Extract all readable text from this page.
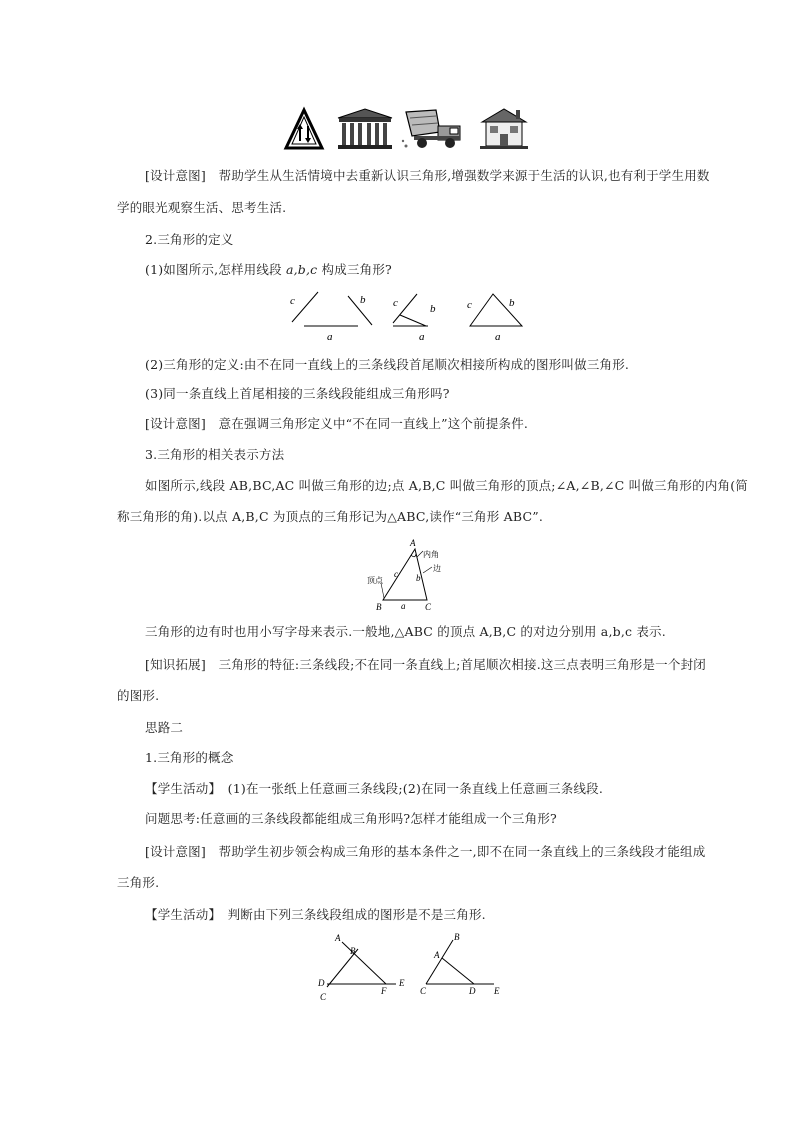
[设计意图]　帮助学生从生活情境中去重新认识三角形,增强数学来源于生活的认识,也有利于学生用数
学的眼光观察生活、思考生活.
2.三角形的定义
(1)如图所示,怎样用线段 a,b,c 构成三角形?
c	b
a
c	b
a
c	b
a
(2)三角形的定义:由不在同一直线上的三条线段首尾顺次相接所构成的图形叫做三角形.
(3)同一条直线上首尾相接的三条线段能组成三角形吗?
[设计意图]　意在强调三角形定义中“不在同一直线上”这个前提条件.
3.三角形的相关表示方法
如图所示,线段 AB,BC,AC 叫做三角形的边;点 A,B,C 叫做三角形的顶点;∠A,∠B,∠C 叫做三角形的内角(简
称三角形的角).以点 A,B,C 为顶点的三角形记为△ABC,读作“三角形 ABC”.
A
B	C
a
b
c
内角
边
顶点
三角形的边有时也用小写字母来表示.一般地,△ABC 的顶点 A,B,C 的对边分别用 a,b,c 表示.
[知识拓展]　三角形的特征:三条线段;不在同一条直线上;首尾顺次相接.这三点表明三角形是一个封闭
的图形.
思路二
1.三角形的概念
【学生活动】　(1)在一张纸上任意画三条线段;(2)在同一条直线上任意画三条线段.
问题思考:任意画的三条线段都能组成三角形吗?怎样才能组成一个三角形?
[设计意图]　帮助学生初步领会构成三角形的基本条件之一,即不在同一条直线上的三条线段才能组成
三角形.
【学生活动】　判断由下列三条线段组成的图形是不是三角形.
A
B
D
C
F
E
B
A
C	D E
